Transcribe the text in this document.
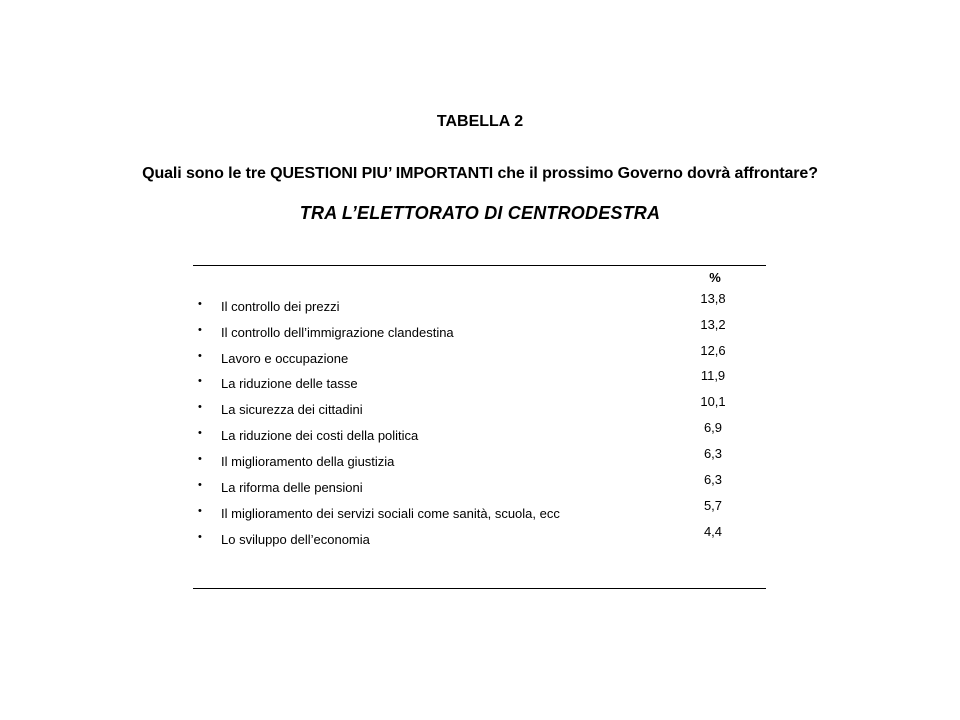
TABELLA 2
Quali sono le tre QUESTIONI PIU’ IMPORTANTI che il prossimo Governo dovrà affrontare?
TRA L’ELETTORATO DI CENTRODESTRA
%
• Il controllo dei prezzi
13,8
• Il controllo dell’immigrazione clandestina
13,2
• Lavoro e occupazione
12,6
• La riduzione delle tasse
11,9
• La sicurezza dei cittadini
10,1
• La riduzione dei costi della politica
6,9
• Il miglioramento della giustizia
6,3
• La riforma delle pensioni
6,3
• Il miglioramento dei servizi sociali come sanità, scuola, ecc
5,7
• Lo sviluppo dell’economia
4,4
